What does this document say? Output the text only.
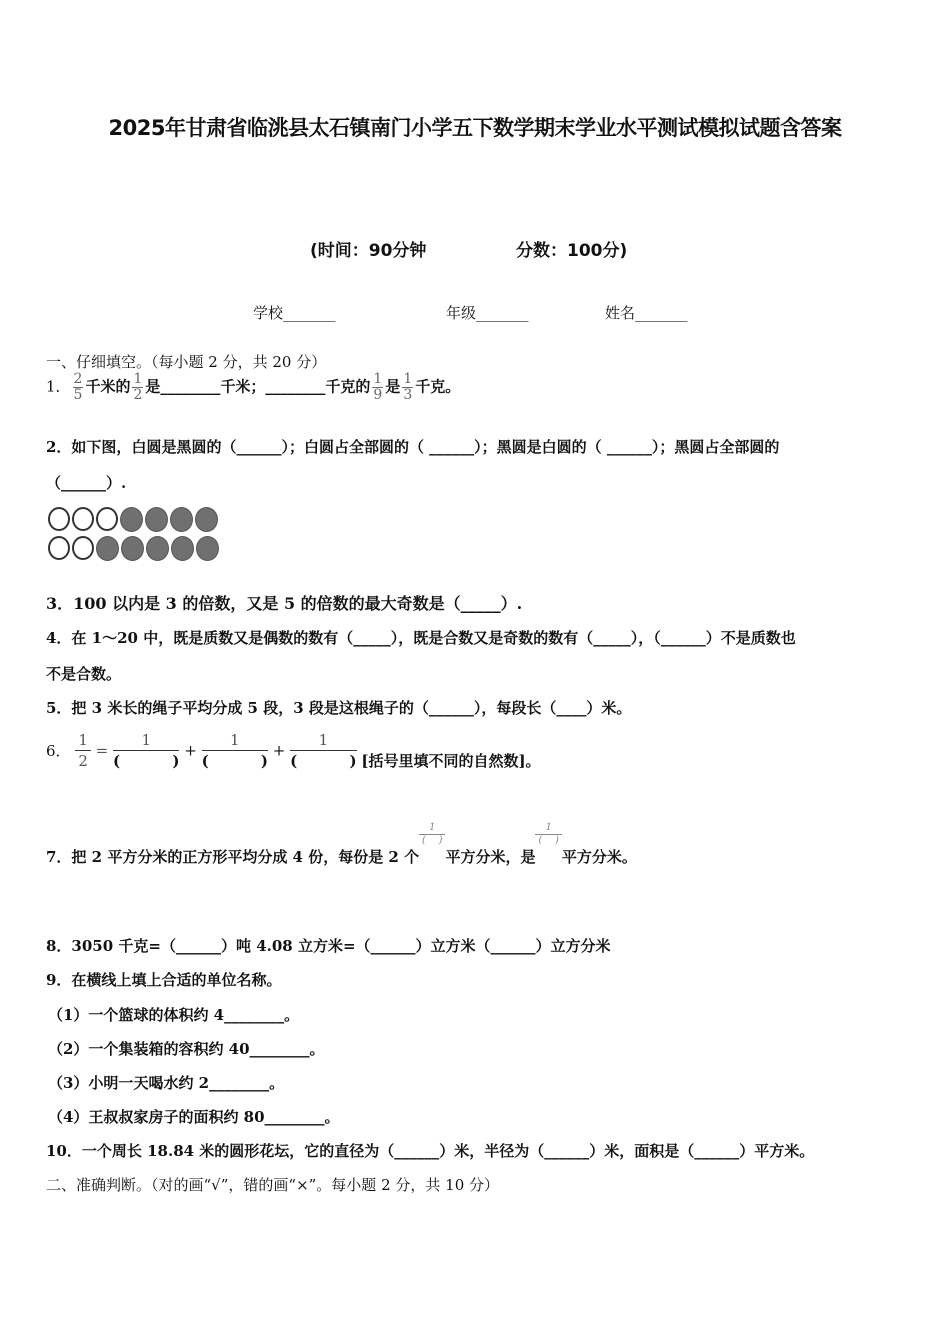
2025年甘肃省临洮县太石镇南门小学五下数学期末学业水平测试模拟试题含答案
(时间：90分钟	分数：100分)
学校_______	年级_______	姓名_______
一、仔细填空。（每小题 2 分，共 20 分）
1． $\frac{2}{5}$ 千米的 $\frac{1}{2}$ 是________千米；________千克的 $\frac{1}{9}$ 是 $\frac{1}{3}$ 千克。
2．如下图，白圆是黑圆的（______）；白圆占全部圆的（ ______）；黑圆是白圆的（ ______）；黑圆占全部圆的
（______）.
3．100 以内是 3 的倍数，又是 5 的倍数的最大奇数是（_____）.
4．在 1～20 中，既是质数又是偶数的数有（_____），既是合数又是奇数的数有（_____），（______）不是质数也
不是合数。
5．把 3 米长的绳子平均分成 5 段，3 段是这根绳子的（______），每段长（____）米。
6． $\frac{1}{2}$ =
1
(          ) +
1
(          ) +
1
(          ) [括号里填不同的自然数]。
7．把 2 平方分米的正方形平均分成 4 份，每份是 2 个
1
(    )平方分米，是
1
(    )平方分米。
8．3050 千克=（______）吨 4.08 立方米=（______）立方米（______）立方分米
9．在横线上填上合适的单位名称。
（1）一个篮球的体积约 4________。
（2）一个集装箱的容积约 40________。
（3）小明一天喝水约 2________。
（4）王叔叔家房子的面积约 80________。
10．一个周长 18.84 米的圆形花坛，它的直径为（______）米，半径为（______）米，面积是（______）平方米。
二、准确判断。（对的画“√”，错的画“×”。每小题 2 分，共 10 分）
